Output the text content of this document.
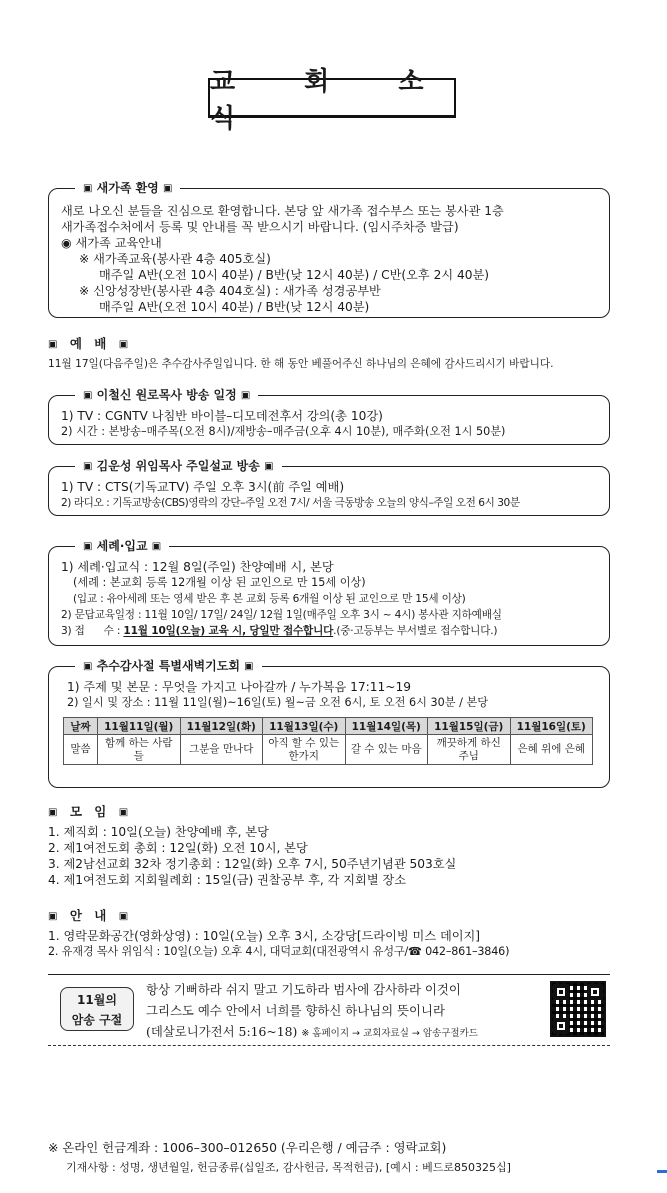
교 회 소 식
▣ 새가족 환영 ▣
새로 나오신 분들을 진심으로 환영합니다. 본당 앞 새가족 접수부스 또는 봉사관 1층
새가족접수처에서 등록 및 안내를 꼭 받으시기 바랍니다. (임시주차증 발급)
◉ 새가족 교육안내
※ 새가족교육(봉사관 4층 405호실)
매주일 A반(오전 10시 40분) / B반(낮 12시 40분) / C반(오후 2시 40분)
※ 신앙성장반(봉사관 4층 404호실) : 새가족 성경공부반
매주일 A반(오전 10시 40분) / B반(낮 12시 40분)
▣ 예 배 ▣
11월 17일(다음주일)은 추수감사주일입니다. 한 해 동안 베풀어주신 하나님의 은혜에 감사드리시기 바랍니다.
▣ 이철신 원로목사 방송 일정 ▣
1) TV : CGNTV 나침반 바이블–디모데전후서 강의(총 10강)
2) 시간 : 본방송–매주목(오전 8시)/재방송–매주금(오후 4시 10분), 매주화(오전 1시 50분)
▣ 김운성 위임목사 주일설교 방송 ▣
1) TV : CTS(기독교TV) 주일 오후 3시(前 주일 예배)
2) 라디오 : 기독교방송(CBS)영락의 강단–주일 오전 7시/ 서울 극동방송 오늘의 양식–주일 오전 6시 30분
▣ 세례·입교 ▣
1) 세례·입교식 : 12월 8일(주일) 찬양예배 시, 본당
(세례 : 본교회 등록 12개월 이상 된 교인으로 만 15세 이상)
(입교 : 유아세례 또는 영세 받은 후 본 교회 등록 6개월 이상 된 교인으로 만 15세 이상)
2) 문답교육일정 : 11월 10일/ 17일/ 24일/ 12월 1일(매주일 오후 3시 ~ 4시) 봉사관 지하예배실
3) 접      수 : 11월 10일(오늘) 교육 시, 당일만 접수합니다.(중·고등부는 부서별로 접수합니다.)
▣ 추수감사절 특별새벽기도회 ▣
1) 주제 및 본문 : 무엇을 가지고 나아갈까 / 누가복음 17:11~19
2) 일시 및 장소 : 11월 11일(월)~16일(토) 월~금 오전 6시, 토 오전 6시 30분 / 본당
날짜	11월11일(월)	11월12일(화)	11월13일(수)	11월14일(목)	11월15일(금)	11월16일(토)
말씀	함께 하는 사람들	그분을 만나다	아직 할 수 있는 한가지	갈 수 있는 마음	깨끗하게 하신 주님	은혜 위에 은혜
▣ 모 임 ▣
1. 제직회 : 10일(오늘) 찬양예배 후, 본당
2. 제1여전도회 총회 : 12일(화) 오전 10시, 본당
3. 제2남선교회 32차 정기총회 : 12일(화) 오후 7시, 50주년기념관 503호실
4. 제1여전도회 지회월례회 : 15일(금) 권찰공부 후, 각 지회별 장소
▣ 안 내 ▣
1. 영락문화공간(영화상영) : 10일(오늘) 오후 3시, 소강당[드라이빙 미스 데이지]
2. 유재경 목사 위임식 : 10일(오늘) 오후 4시, 대덕교회(대전광역시 유성구/☎ 042–861–3846)
11월의
암송 구절
항상 기뻐하라 쉬지 말고 기도하라 범사에 감사하라 이것이
그리스도 예수 안에서 너희를 향하신 하나님의 뜻이니라
(데살로니가전서 5:16~18) ※ 홈페이지 → 교회자료실 → 암송구절카드
※ 온라인 헌금계좌 : 1006–300–012650 (우리은행 / 예금주 : 영락교회)
기재사항 : 성명, 생년월일, 헌금종류(십일조, 감사헌금, 목적헌금), [예시 : 베드로850325십]
